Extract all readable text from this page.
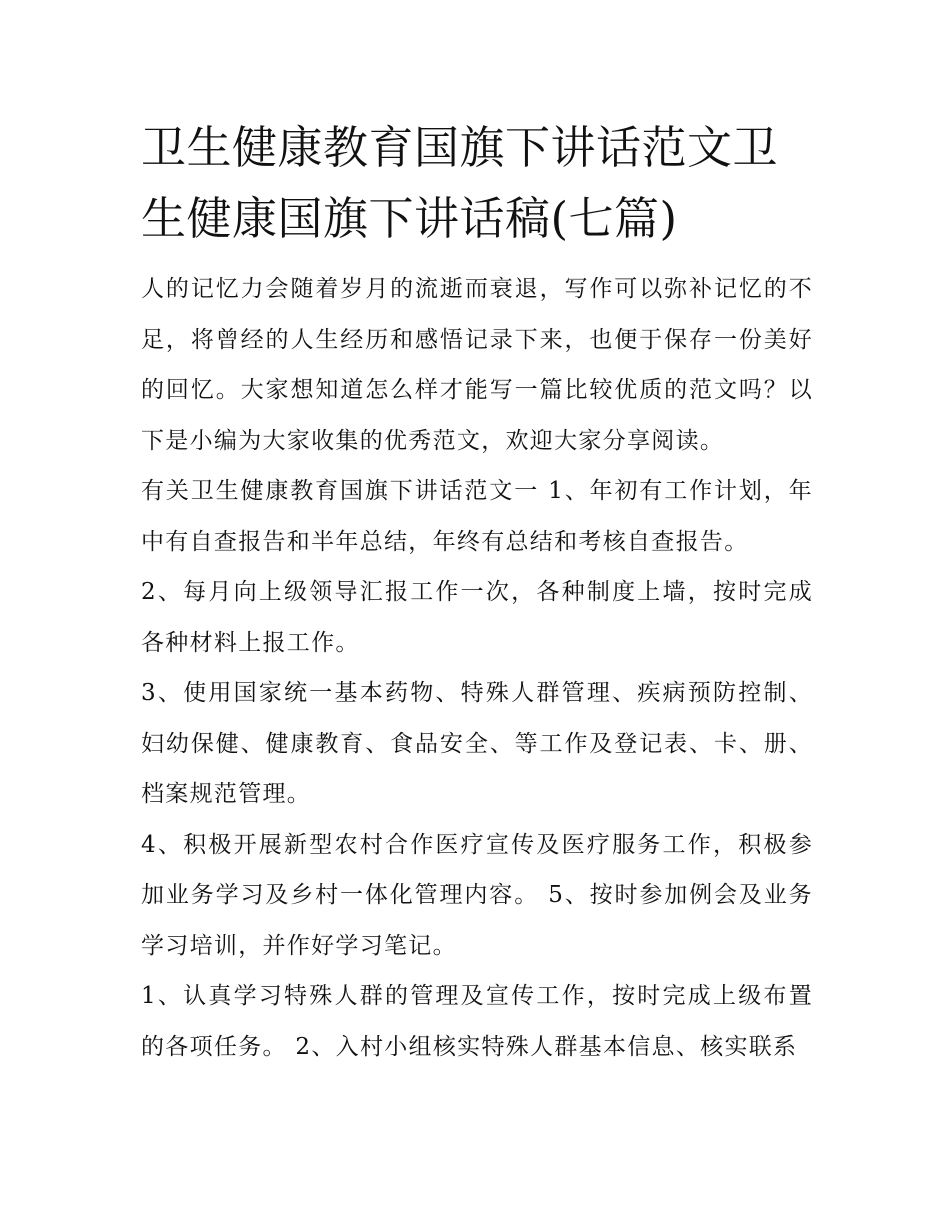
卫生健康教育国旗下讲话范文卫生健康国旗下讲话稿(七篇)

人的记忆力会随着岁月的流逝而衰退，写作可以弥补记忆的不足，将曾经的人生经历和感悟记录下来，也便于保存一份美好的回忆。大家想知道怎么样才能写一篇比较优质的范文吗？以下是小编为大家收集的优秀范文，欢迎大家分享阅读。

有关卫生健康教育国旗下讲话范文一 1、年初有工作计划，年中有自查报告和半年总结，年终有总结和考核自查报告。

2、每月向上级领导汇报工作一次，各种制度上墙，按时完成各种材料上报工作。

3、使用国家统一基本药物、特殊人群管理、疾病预防控制、妇幼保健、健康教育、食品安全、等工作及登记表、卡、册、档案规范管理。

4、积极开展新型农村合作医疗宣传及医疗服务工作，积极参加业务学习及乡村一体化管理内容。 5、按时参加例会及业务学习培训，并作好学习笔记。

1、认真学习特殊人群的管理及宣传工作，按时完成上级布置的各项任务。 2、入村小组核实特殊人群基本信息、核实联系
